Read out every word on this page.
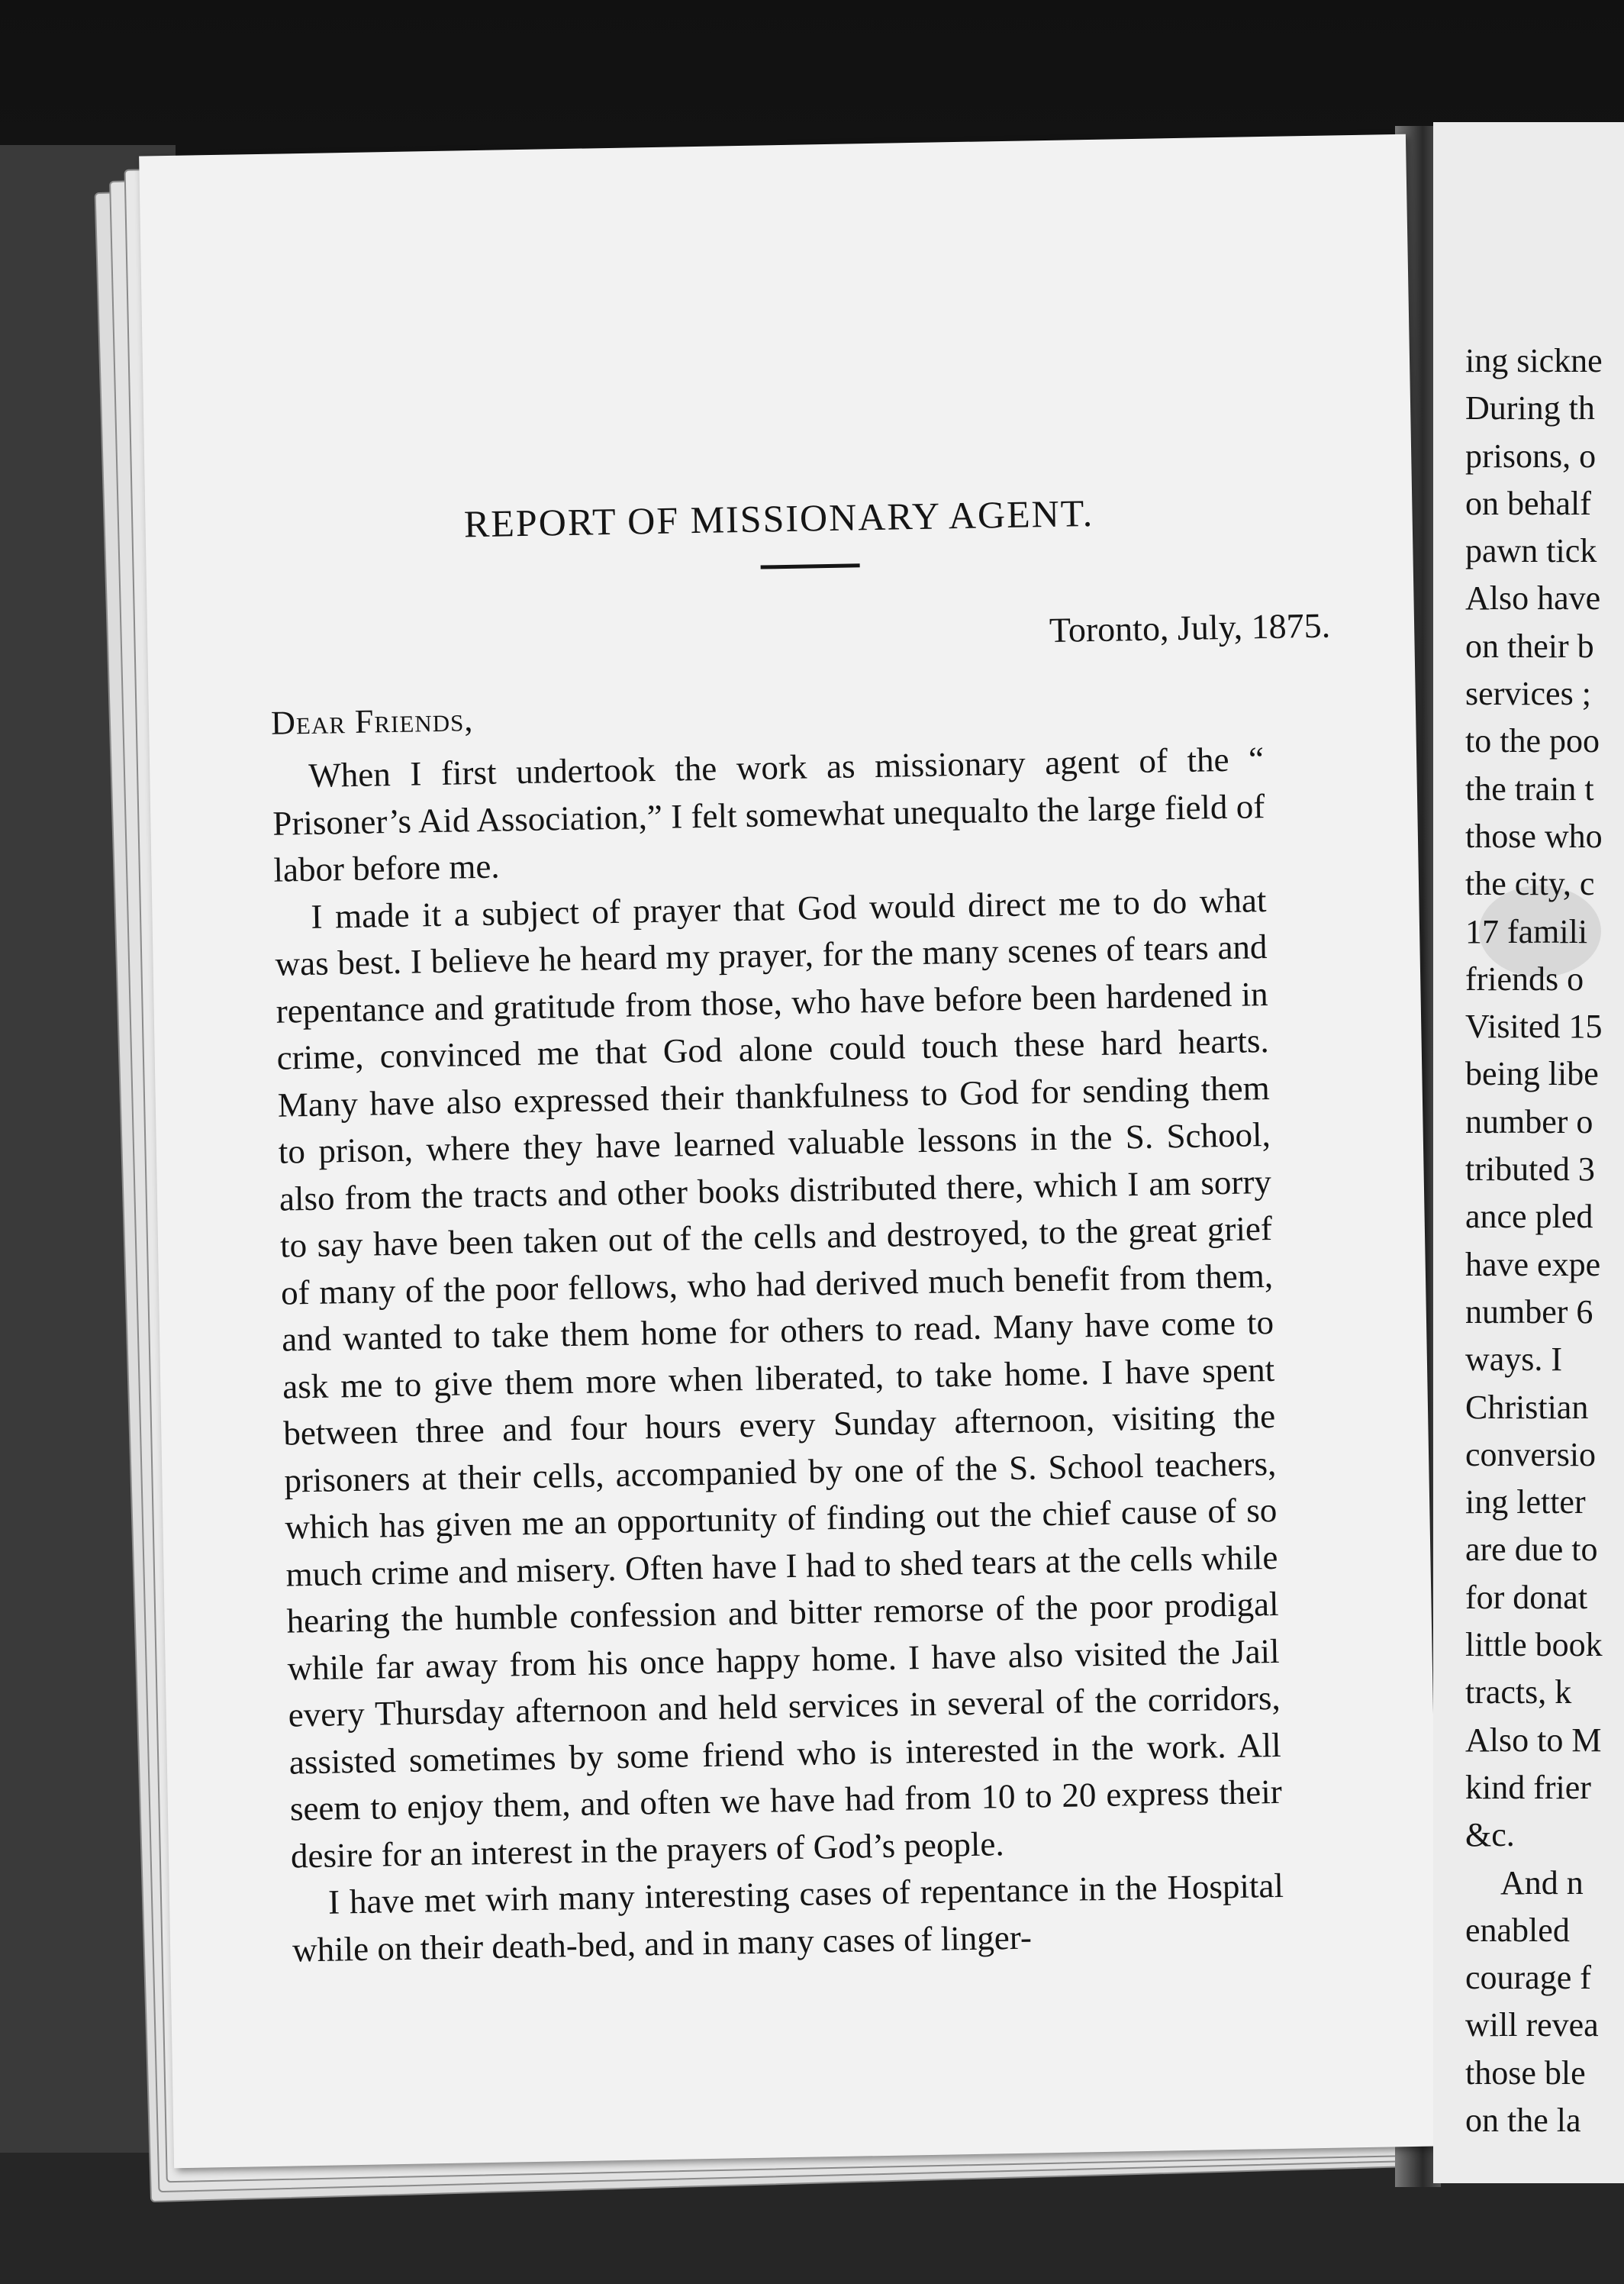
REPORT OF MISSIONARY AGENT.
Toronto, July, 1875.
Dear Friends,

When I first undertook the work as missionary agent of the “ Prisoner’s Aid Association,” I felt somewhat unequalto the large field of labor before me.

I made it a subject of prayer that God would direct me to do what was best. I believe he heard my prayer, for the many scenes of tears and repentance and gratitude from those, who have before been hardened in crime, convinced me that God alone could touch these hard hearts. Many have also expressed their thankfulness to God for sending them to prison, where they have learned valuable lessons in the S. School, also from the tracts and other books distributed there, which I am sorry to say have been taken out of the cells and destroyed, to the great grief of many of the poor fellows, who had derived much benefit from them, and wanted to take them home for others to read. Many have come to ask me to give them more when liberated, to take home. I have spent between three and four hours every Sunday afternoon, visiting the prisoners at their cells, accompanied by one of the S. School teachers, which has given me an opportunity of finding out the chief cause of so much crime and misery. Often have I had to shed tears at the cells while hearing the humble confession and bitter remorse of the poor prodigal while far away from his once happy home. I have also visited the Jail every Thursday afternoon and held services in several of the corridors, assisted sometimes by some friend who is interested in the work. All seem to enjoy them, and often we have had from 10 to 20 express their desire for an interest in the prayers of God’s people.

I have met wirh many interesting cases of repentance in the Hospital while on their death-bed, and in many cases of linger-

ing sickne
During th
prisons, o
on behalf
pawn tick
Also have
on their b
services ;
to the poo
the train t
those who
the city, c
17 famili
friends o
Visited 15
being libe
number o
tributed 3
ance pled
have expe
number 6
ways. I
Christian
conversio
ing letter
are due to
for donat
little book
tracts, k
Also to M
kind frier
&c.
And n
enabled
courage f
will revea
those ble
on the la
